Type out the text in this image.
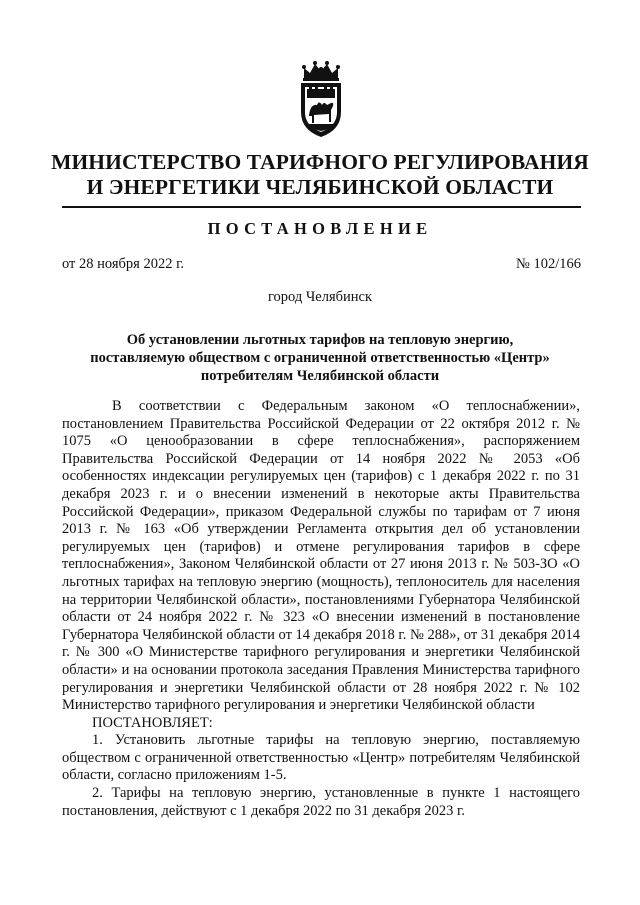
МИНИСТЕРСТВО ТАРИФНОГО РЕГУЛИРОВАНИЯ
И ЭНЕРГЕТИКИ ЧЕЛЯБИНСКОЙ ОБЛАСТИ
ПОСТАНОВЛЕНИЕ
от 28 ноября 2022 г.	№ 102/166
город Челябинск
Об установлении льготных тарифов на тепловую энергию,
поставляемую обществом с ограниченной ответственностью «Центр»
потребителям Челябинской области

В соответствии с Федеральным законом «О теплоснабжении», постановлением Правительства Российской Федерации от 22 октября 2012 г. № 1075 «О ценообразовании в сфере теплоснабжения», распоряжением Правительства Российской Федерации от 14 ноября 2022 № 2053 «Об особенностях индексации регулируемых цен (тарифов) с 1 декабря 2022 г. по 31 декабря 2023 г. и о внесении изменений в некоторые акты Правительства Российской Федерации», приказом Федеральной службы по тарифам от 7 июня 2013 г. № 163 «Об утверждении Регламента открытия дел об установлении регулируемых цен (тарифов) и отмене регулирования тарифов в сфере теплоснабжения», Законом Челябинской области от 27 июня 2013 г. № 503-ЗО «О льготных тарифах на тепловую энергию (мощность), теплоноситель для населения на территории Челябинской области», постановлениями Губернатора Челябинской области от 24 ноября 2022 г. № 323 «О внесении изменений в постановление Губернатора Челябинской области от 14 декабря 2018 г. № 288», от 31 декабря 2014 г. № 300 «О Министерстве тарифного регулирования и энергетики Челябинской области» и на основании протокола заседания Правления Министерства тарифного регулирования и энергетики Челябинской области от 28 ноября 2022 г. № 102 Министерство тарифного регулирования и энергетики Челябинской области

ПОСТАНОВЛЯЕТ:

1. Установить льготные тарифы на тепловую энергию, поставляемую обществом с ограниченной ответственностью «Центр» потребителям Челябинской области, согласно приложениям 1-5.

2. Тарифы на тепловую энергию, установленные в пункте 1 настоящего постановления, действуют с 1 декабря 2022 по 31 декабря 2023 г.
